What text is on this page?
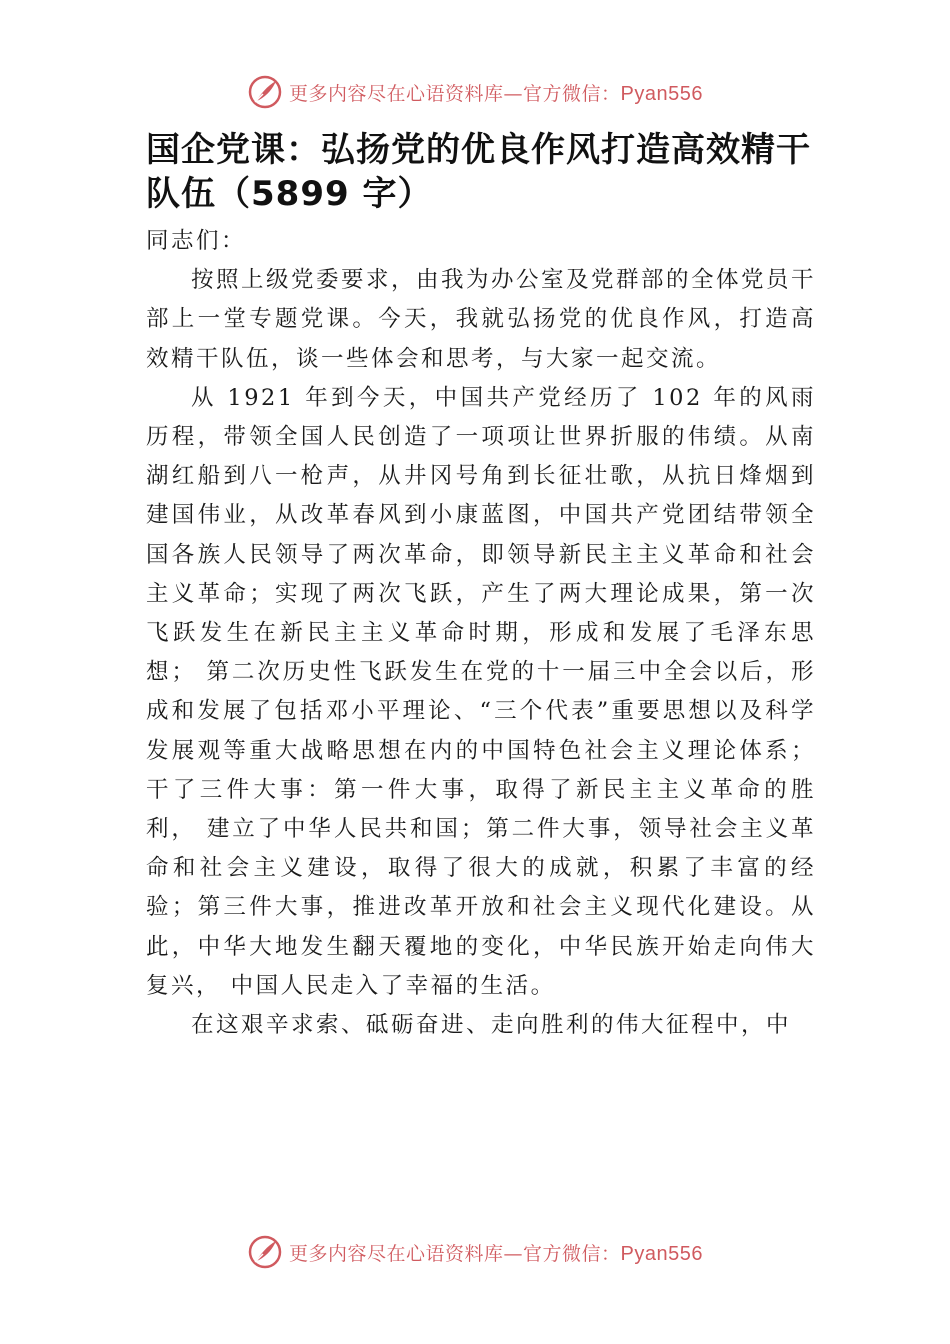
更多内容尽在心语资料库—官方微信：Pyan556
国企党课：弘扬党的优良作风打造高效精干队伍（5899 字）

同志们：

按照上级党委要求，由我为办公室及党群部的全体党员干部上一堂专题党课。今天，我就弘扬党的优良作风，打造高效精干队伍，谈一些体会和思考，与大家一起交流。

从 1921 年到今天，中国共产党经历了 102 年的风雨历程，带领全国人民创造了一项项让世界折服的伟绩。从南湖红船到八一枪声，从井冈号角到长征壮歌，从抗日烽烟到建国伟业，从改革春风到小康蓝图，中国共产党团结带领全国各族人民领导了两次革命，即领导新民主主义革命和社会主义革命；实现了两次飞跃，产生了两大理论成果，第一次飞跃发生在新民主主义革命时期，形成和发展了毛泽东思想； 第二次历史性飞跃发生在党的十一届三中全会以后，形成和发展了包括邓小平理论、“三个代表”重要思想以及科学发展观等重大战略思想在内的中国特色社会主义理论体系；干了三件大事：第一件大事，取得了新民主主义革命的胜利， 建立了中华人民共和国；第二件大事，领导社会主义革命和社会主义建设，取得了很大的成就，积累了丰富的经验；第三件大事，推进改革开放和社会主义现代化建设。从此，中华大地发生翻天覆地的变化，中华民族开始走向伟大复兴， 中国人民走入了幸福的生活。

在这艰辛求索、砥砺奋进、走向胜利的伟大征程中，中

更多内容尽在心语资料库—官方微信：Pyan556
